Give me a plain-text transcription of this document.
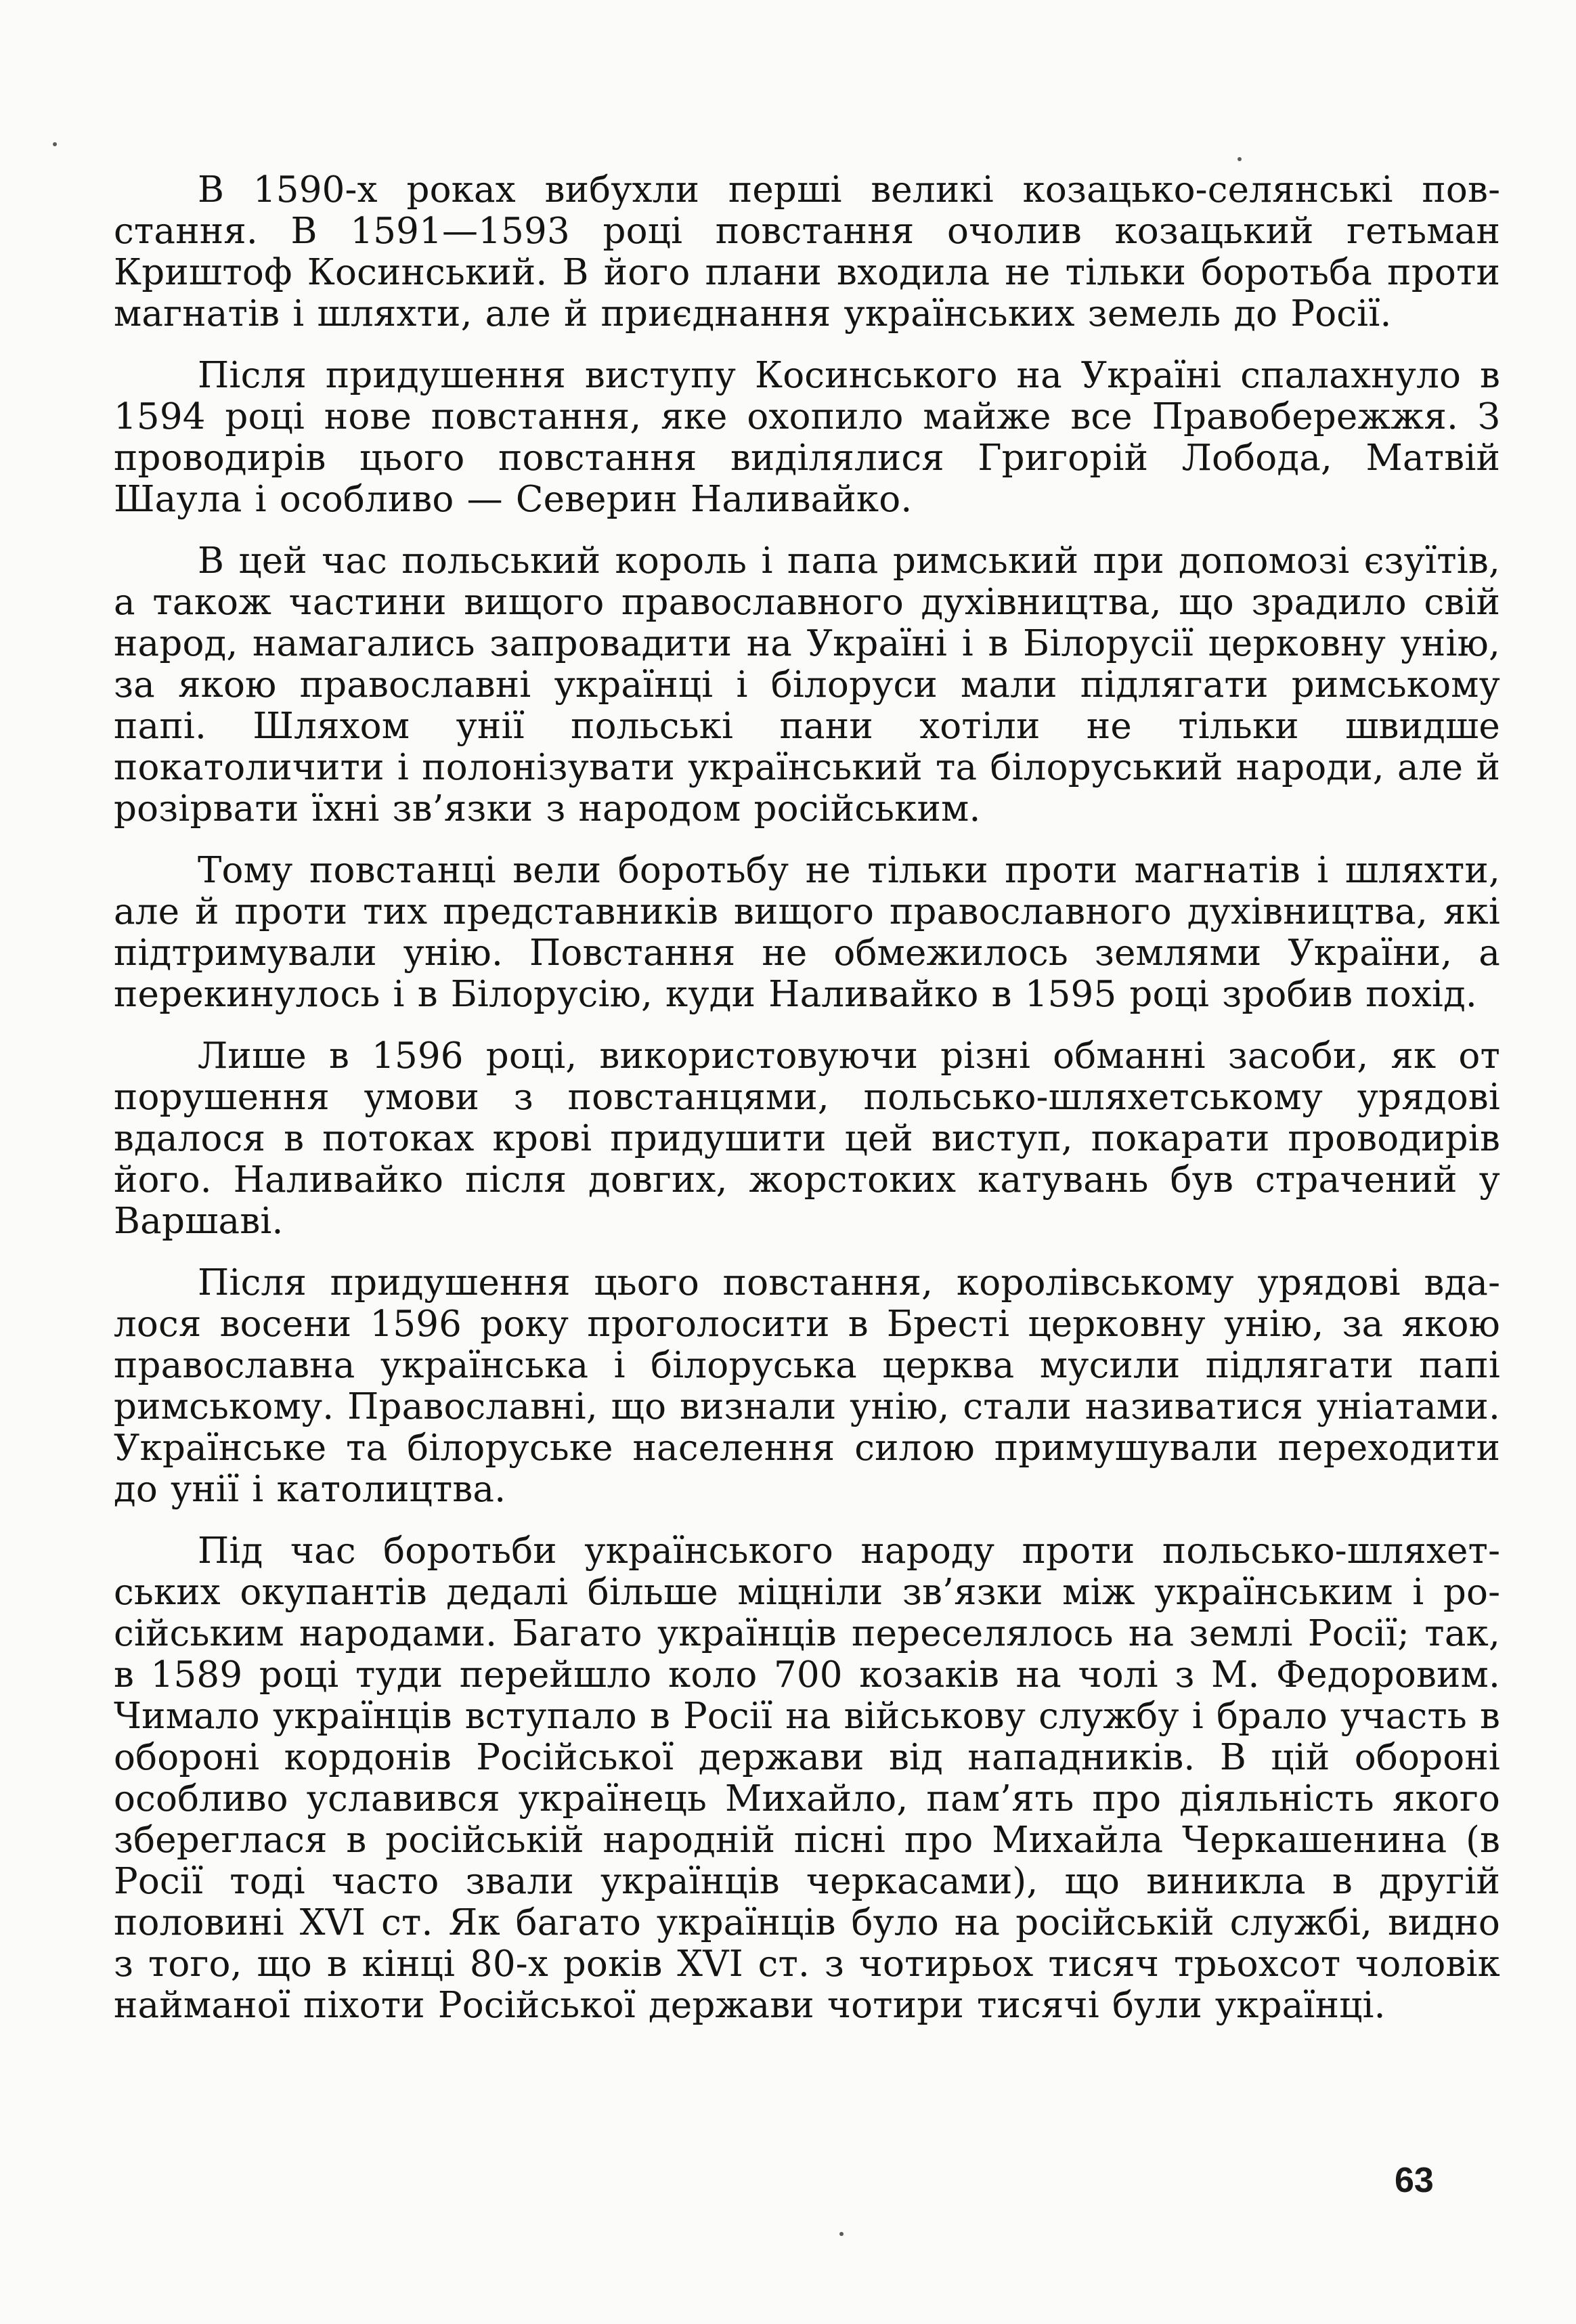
В 1590-х роках вибухли перші великі козацько-селянські повстання. В 1591—1593 році повстання очолив козацький гетьман Криштоф Косинський. В його плани входила не тільки боротьба проти магнатів і шляхти, але й приєднання українських земель до Росії.

Після придушення виступу Косинського на Україні спалахнуло в 1594 році нове повстання, яке охопило майже все Правобережжя. З проводирів цього повстання виділялися Григорій Лобода, Матвій Шаула і особливо — Северин Наливайко.

В цей час польський король і папа римський при допомозі єзуїтів, а також частини вищого православного духівництва, що зрадило свій народ, намагались запровадити на Україні і в Білорусії церковну унію, за якою православні українці і білоруси мали підлягати римському папі. Шляхом унії польські пани хотіли не тільки швидше покатоличити і полонізувати український та білоруський народи, але й розірвати їхні зв’язки з народом російським.

Тому повстанці вели боротьбу не тільки проти магнатів і шляхти, але й проти тих представників вищого православного духівництва, які підтримували унію. Повстання не обмежилось землями України, а перекинулось і в Білорусію, куди Наливайко в 1595 році зробив похід.

Лише в 1596 році, використовуючи різні обманні засоби, як от порушення умови з повстанцями, польсько-шляхетському урядові вдалося в потоках крові придушити цей виступ, покарати проводирів його. Наливайко після довгих, жорстоких катувань був страчений у Варшаві.

Після придушення цього повстання, королівському урядові вдалося восени 1596 року проголосити в Бресті церковну унію, за якою православна українська і білоруська церква мусили підлягати папі римському. Православні, що визнали унію, стали називатися уніатами. Українське та білоруське населення силою примушували переходити до унії і католицтва.

Під час боротьби українського народу проти польсько-шляхетських окупантів дедалі більше міцніли зв’язки між українським і російським народами. Багато українців переселялось на землі Росії; так, в 1589 році туди перейшло коло 700 козаків на чолі з М. Федоровим. Чимало українців вступало в Росії на військову службу і брало участь в обороні кордонів Російської держави від нападників. В цій обороні особливо уславився українець Михайло, пам’ять про діяльність якого збереглася в російській народній пісні про Михайла Черкашенина (в Росії тоді часто звали українців черкасами), що виникла в другій половині XVI ст. Як багато українців було на російській службі, видно з того, що в кінці 80-х років XVI ст. з чотирьох тисяч трьохсот чоловік найманої піхоти Російської держави чотири тисячі були українці.

63
